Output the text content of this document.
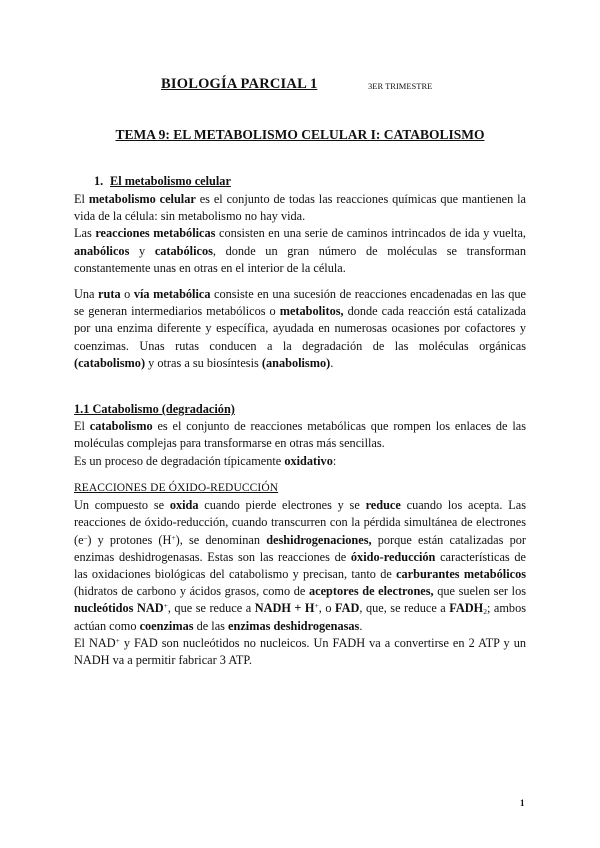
BIOLOGÍA PARCIAL 1	3ER TRIMESTRE
TEMA 9: EL METABOLISMO CELULAR I: CATABOLISMO
1. El metabolismo celular

El metabolismo celular es el conjunto de todas las reacciones químicas que mantienen la vida de la célula: sin metabolismo no hay vida.

Las reacciones metabólicas consisten en una serie de caminos intrincados de ida y vuelta, anabólicos y catabólicos, donde un gran número de moléculas se transforman constantemente unas en otras en el interior de la célula.

Una ruta o vía metabólica consiste en una sucesión de reacciones encadenadas en las que se generan intermediarios metabólicos o metabolitos, donde cada reacción está catalizada por una enzima diferente y específica, ayudada en numerosas ocasiones por cofactores y coenzimas. Unas rutas conducen a la degradación de las moléculas orgánicas (catabolismo) y otras a su biosíntesis (anabolismo).

1.1 Catabolismo (degradación)

El catabolismo es el conjunto de reacciones metabólicas que rompen los enlaces de las moléculas complejas para transformarse en otras más sencillas.

Es un proceso de degradación típicamente oxidativo:

REACCIONES DE ÓXIDO-REDUCCIÓN

Un compuesto se oxida cuando pierde electrones y se reduce cuando los acepta. Las reacciones de óxido-reducción, cuando transcurren con la pérdida simultánea de electrones (e–) y protones (H+), se denominan deshidrogenaciones, porque están catalizadas por enzimas deshidrogenasas. Estas son las reacciones de óxido-reducción características de las oxidaciones biológicas del catabolismo y precisan, tanto de carburantes metabólicos (hidratos de carbono y ácidos grasos, como de aceptores de electrones, que suelen ser los nucleótidos NAD+, que se reduce a NADH + H+, o FAD, que, se reduce a $FADH_2$; ambos actúan como coenzimas de las enzimas deshidrogenasas.

El NAD+ y FAD son nucleótidos no nucleicos. Un FADH va a convertirse en 2 ATP y un NADH va a permitir fabricar 3 ATP.

1
